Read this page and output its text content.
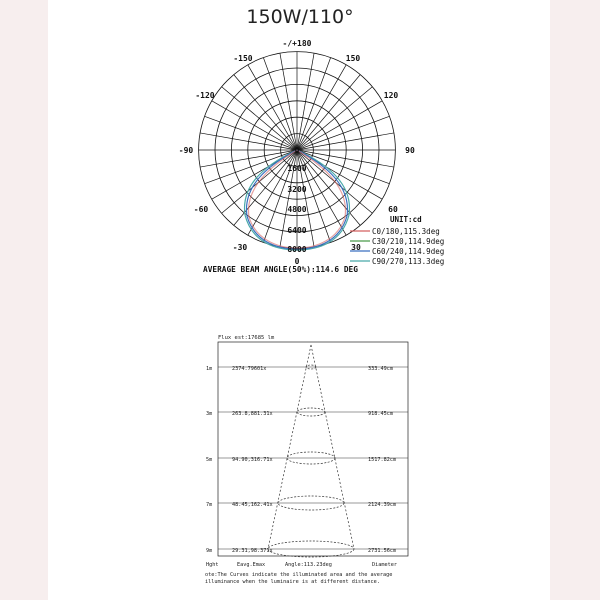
150W/110°
0
1600
3200
4800
6400
8000
-/+180
-150	150
-120	120
-90	90
-60	60
-30	30
0
UNIT:cd
C0/180,115.3deg
C30/210,114.9deg
C60/240,114.9deg
C90/270,113.3deg
AVERAGE BEAM ANGLE(50%):114.6 DEG
Flux est:17685 lm
1m	2374.79601x	333.49cm
3m	263.8,881.31x	918.45cm
5m	94.90,316.71x	1517.82cm
7m	48.45,162.41x	2124.39cm
9m	29.31,98.371x	2731.56cm
Hght	Eavg.Emax	Angle:113.23deg	Diameter
ote:The Curves indicate the illuminated area and the average
illuminance when the luminaire is at different distance.
